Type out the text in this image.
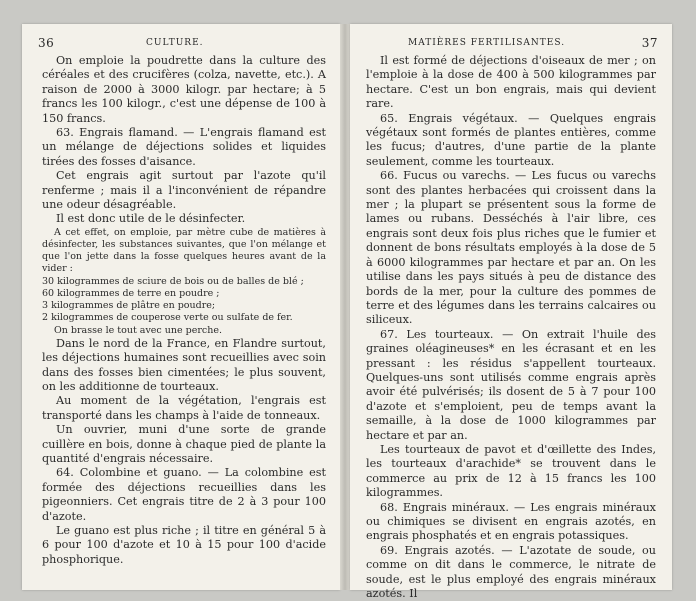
36	CULTURE.

On emploie la poudrette dans la culture des céréales et des crucifères (colza, navette, etc.). A raison de 2000 à 3000 kilogr. par hectare; à 5 francs les 100 kilogr., c'est une dépense de 100 à 150 francs.

63. Engrais flamand. — L'engrais flamand est un mélange de déjections solides et liquides tirées des fosses d'aisance.

Cet engrais agit surtout par l'azote qu'il renferme ; mais il a l'inconvénient de répandre une odeur désagréable.

Il est donc utile de le désinfecter.

A cet effet, on emploie, par mètre cube de matières à désinfecter, les substances suivantes, que l'on mélange et que l'on jette dans la fosse quelques heures avant de la vider :

30 kilogrammes de sciure de bois ou de balles de blé ;
60 kilogrammes de terre en poudre ;
3 kilogrammes de plâtre en poudre;
2 kilogrammes de couperose verte ou sulfate de fer.

On brasse le tout avec une perche.

Dans le nord de la France, en Flandre surtout, les déjections humaines sont recueillies avec soin dans des fosses bien cimentées; le plus souvent, on les additionne de tourteaux.

Au moment de la végétation, l'engrais est transporté dans les champs à l'aide de tonneaux.

Un ouvrier, muni d'une sorte de grande cuillère en bois, donne à chaque pied de plante la quantité d'engrais nécessaire.

64. Colombine et guano. — La colombine est formée des déjections recueillies dans les pigeonniers. Cet engrais titre de 2 à 3 pour 100 d'azote.

Le guano est plus riche ; il titre en général 5 à 6 pour 100 d'azote et 10 à 15 pour 100 d'acide phosphorique.

MATIÈRES FERTILISANTES.	37

Il est formé de déjections d'oiseaux de mer ; on l'emploie à la dose de 400 à 500 kilogrammes par hectare. C'est un bon engrais, mais qui devient rare.

65. Engrais végétaux. — Quelques engrais végétaux sont formés de plantes entières, comme les fucus; d'autres, d'une partie de la plante seulement, comme les tourteaux.

66. Fucus ou varechs. — Les fucus ou varechs sont des plantes herbacées qui croissent dans la mer ; la plupart se présentent sous la forme de lames ou rubans. Desséchés à l'air libre, ces engrais sont deux fois plus riches que le fumier et donnent de bons résultats employés à la dose de 5 à 6000 kilogrammes par hectare et par an. On les utilise dans les pays situés à peu de distance des bords de la mer, pour la culture des pommes de terre et des légumes dans les terrains calcaires ou siliceux.

67. Les tourteaux. — On extrait l'huile des graines oléagineuses* en les écrasant et en les pressant : les résidus s'appellent tourteaux. Quelques-uns sont utilisés comme engrais après avoir été pulvérisés; ils dosent de 5 à 7 pour 100 d'azote et s'emploient, peu de temps avant la semaille, à la dose de 1000 kilogrammes par hectare et par an.

Les tourteaux de pavot et d'œillette des Indes, les tourteaux d'arachide* se trouvent dans le commerce au prix de 12 à 15 francs les 100 kilogrammes.

68. Engrais minéraux. — Les engrais minéraux ou chimiques se divisent en engrais azotés, en engrais phosphatés et en engrais potassiques.

69. Engrais azotés. — L'azotate de soude, ou comme on dit dans le commerce, le nitrate de soude, est le plus employé des engrais minéraux azotés. Il
